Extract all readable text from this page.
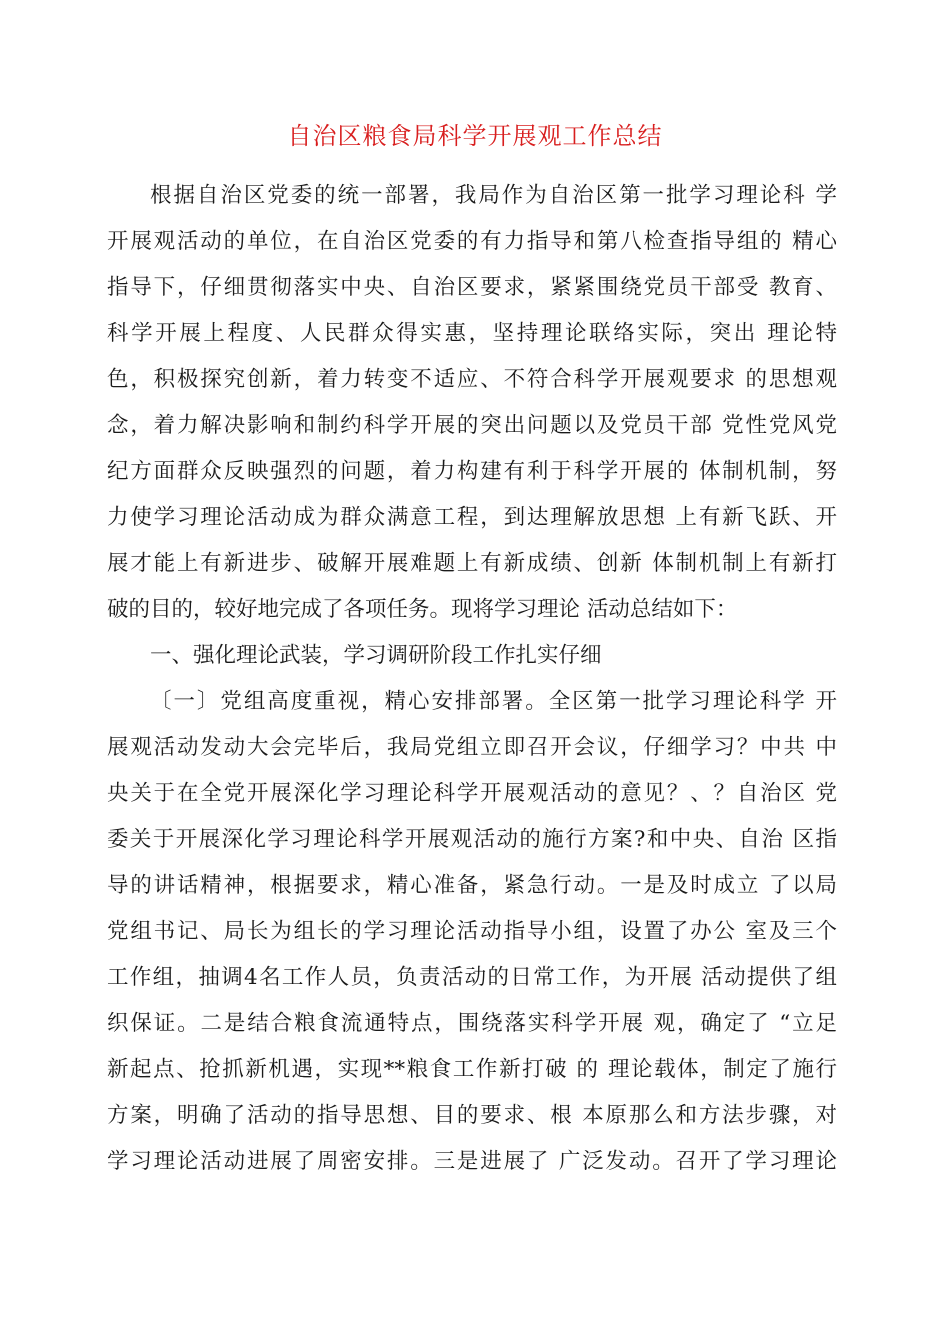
自治区粮食局科学开展观工作总结
根据自治区党委的统一部署，我局作为自治区第一批学习理论科 学
开展观活动的单位，在自治区党委的有力指导和第八检查指导组的 精心
指导下，仔细贯彻落实中央、自治区要求，紧紧围绕党员干部受 教育、
科学开展上程度、人民群众得实惠，坚持理论联络实际，突出 理论特
色，积极探究创新，着力转变不适应、不符合科学开展观要求 的思想观
念，着力解决影响和制约科学开展的突出问题以及党员干部 党性党风党
纪方面群众反映强烈的问题，着力构建有利于科学开展的 体制机制，努
力使学习理论活动成为群众满意工程，到达理解放思想 上有新飞跃、开
展才能上有新进步、破解开展难题上有新成绩、创新 体制机制上有新打
破的目的，较好地完成了各项任务。现将学习理论 活动总结如下：
一、强化理论武装，学习调研阶段工作扎实仔细
〔一〕党组高度重视，精心安排部署。全区第一批学习理论科学 开
展观活动发动大会完毕后，我局党组立即召开会议，仔细学习？中共 中
央关于在全党开展深化学习理论科学开展观活动的意见？、？自治区 党
委关于开展深化学习理论科学开展观活动的施行方案?和中央、自治 区指
导的讲话精神，根据要求，精心准备，紧急行动。一是及时成立 了以局
党组书记、局长为组长的学习理论活动指导小组，设置了办公 室及三个
工作组，抽调4名工作人员，负责活动的日常工作，为开展 活动提供了组
织保证。二是结合粮食流通特点，围绕落实科学开展 观，确定了 “立足
新起点、抢抓新机遇，实现**粮食工作新打破 的 理论载体，制定了施行
方案，明确了活动的指导思想、目的要求、根 本原那么和方法步骤，对
学习理论活动进展了周密安排。三是进展了 广泛发动。召开了学习理论
